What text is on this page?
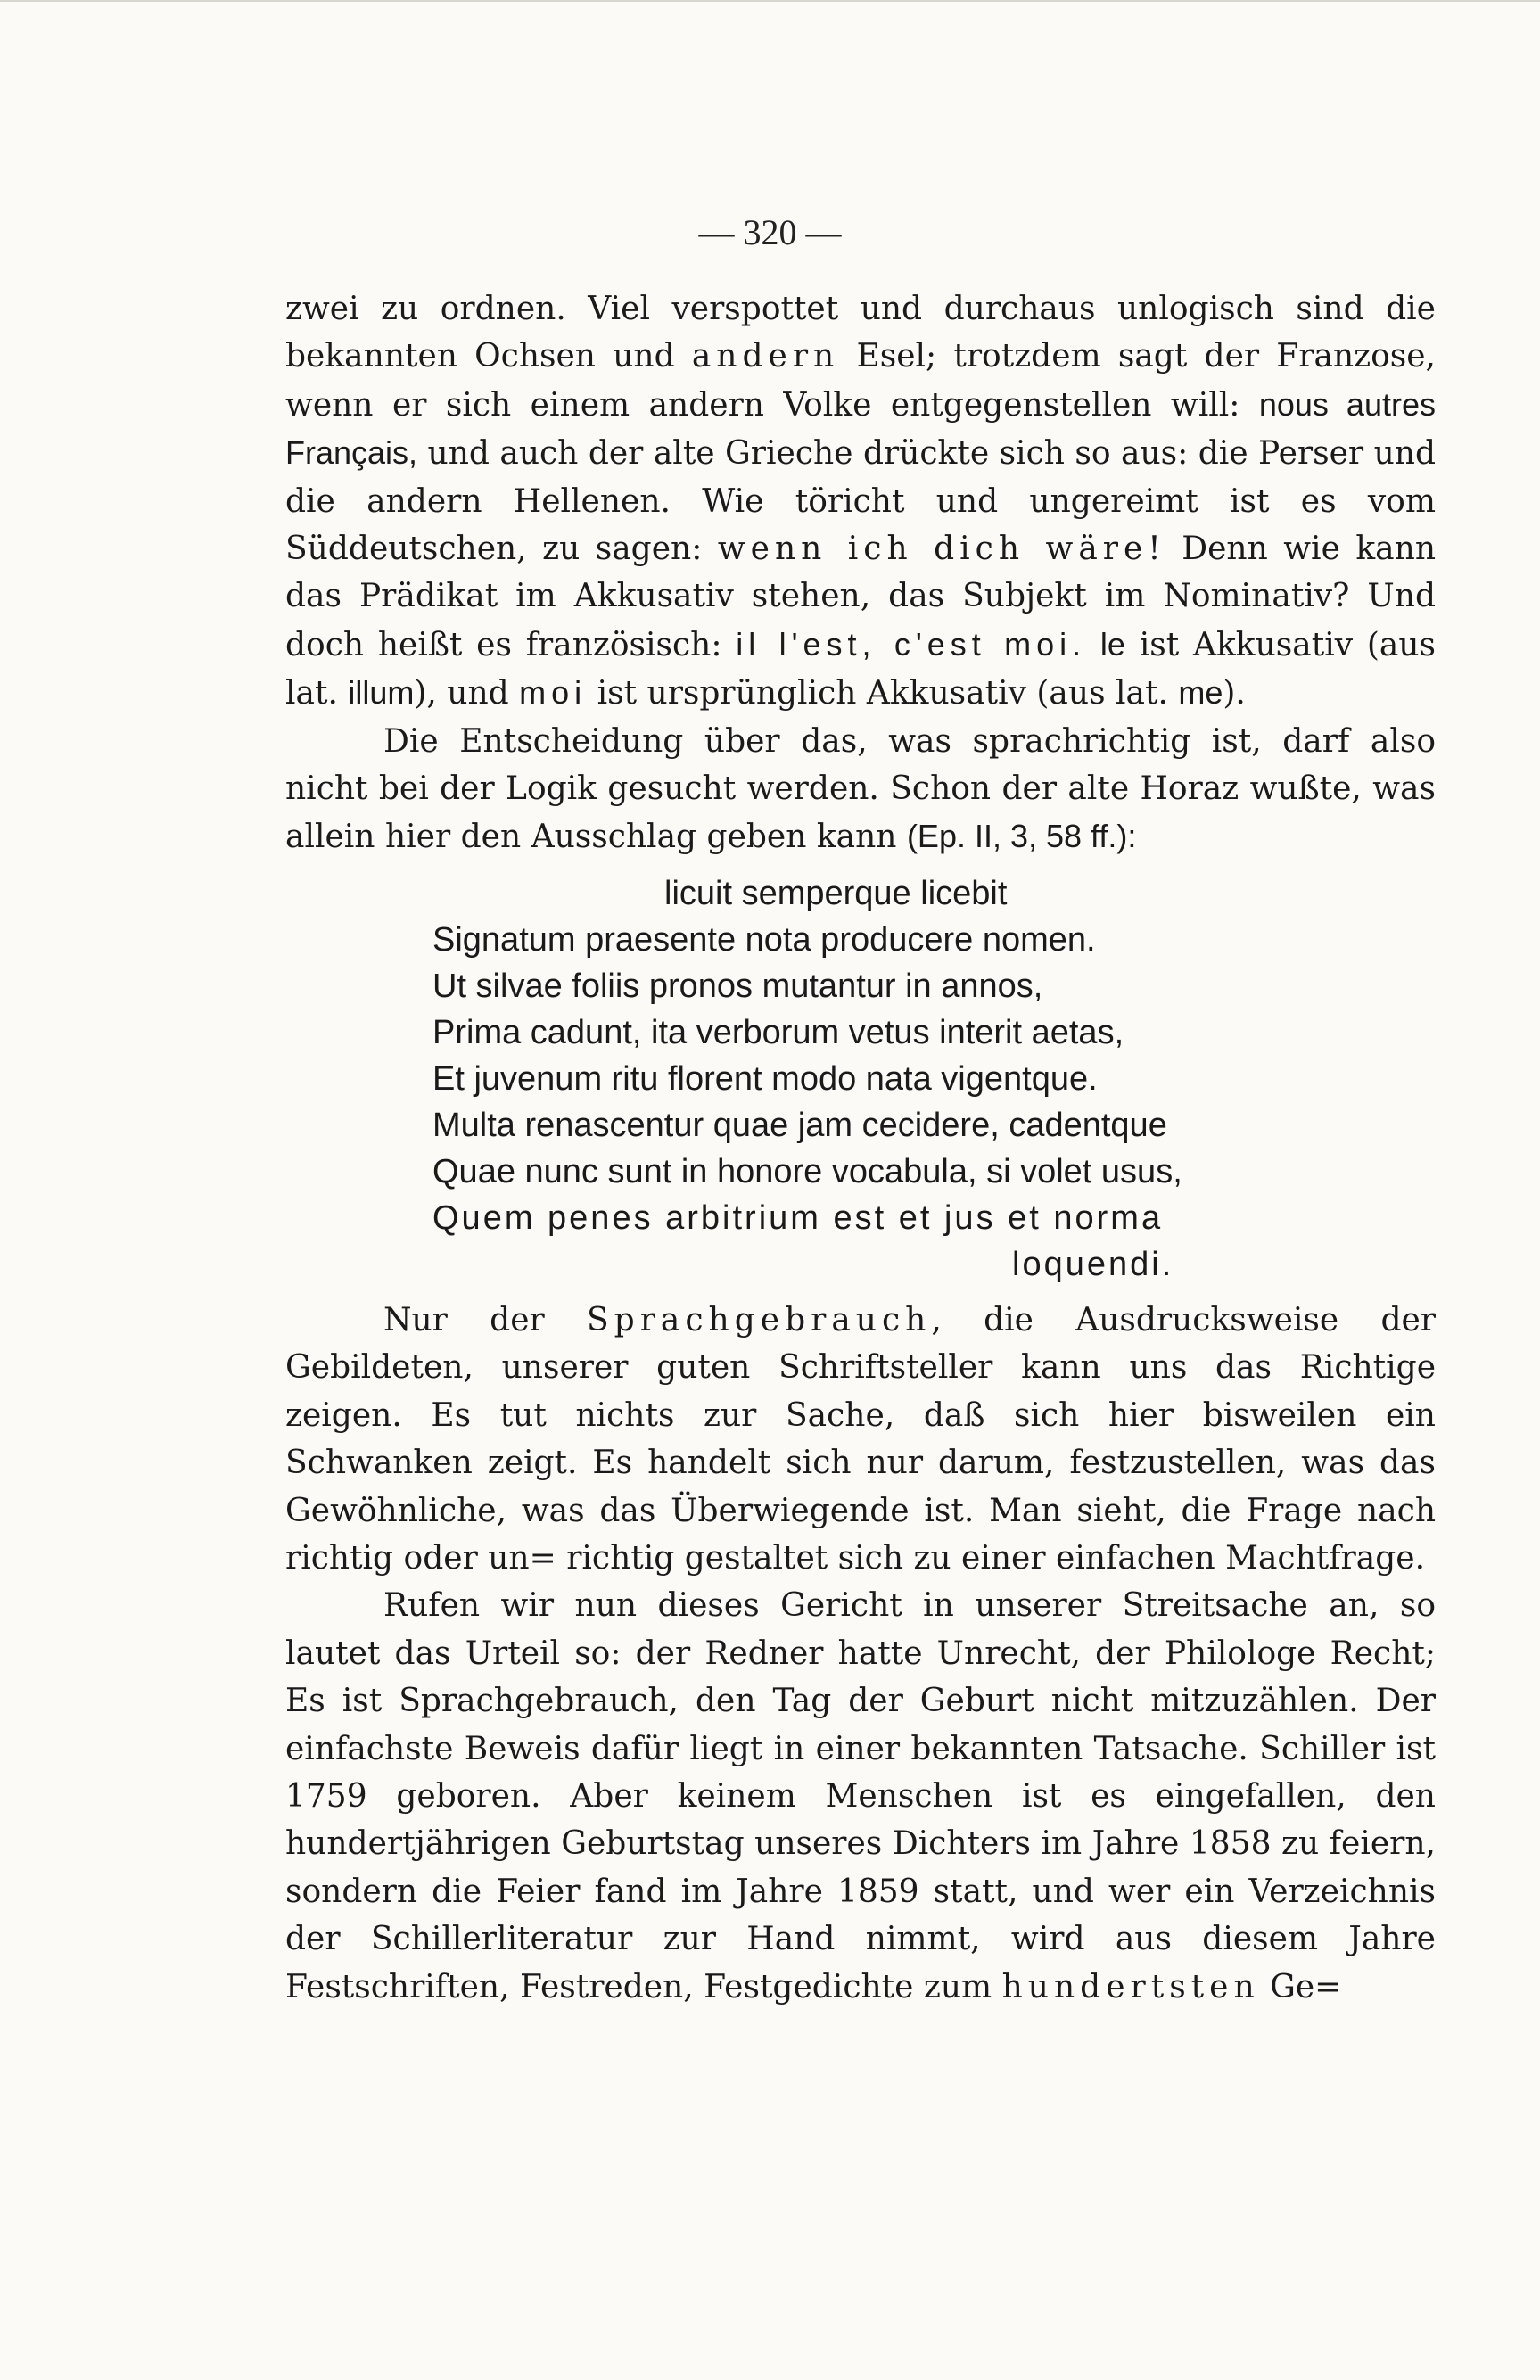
— 320 —

zwei zu ordnen. Viel verspottet und durchaus unlogisch sind die bekannten Ochsen und andern Esel; trotzdem sagt der Franzose, wenn er sich einem andern Volke entgegenstellen will: nous autres Français, und auch der alte Grieche drückte sich so aus: die Perser und die andern Hellenen. Wie töricht und ungereimt ist es vom Süddeutschen, zu sagen: wenn ich dich wäre! Denn wie kann das Prädikat im Akkusativ stehen, das Subjekt im Nominativ? Und doch heißt es französisch: il l'est, c'est moi. le ist Akkusativ (aus lat. illum), und moi ist ursprünglich Akkusativ (aus lat. me).

Die Entscheidung über das, was sprachrichtig ist, darf also nicht bei der Logik gesucht werden. Schon der alte Horaz wußte, was allein hier den Ausschlag geben kann (Ep. II, 3, 58 ff.):

licuit semperque licebit
Signatum praesente nota producere nomen.
Ut silvae foliis pronos mutantur in annos,
Prima cadunt, ita verborum vetus interit aetas,
Et juvenum ritu florent modo nata vigentque.
Multa renascentur quae jam cecidere, cadentque
Quae nunc sunt in honore vocabula, si volet usus,
Quem penes arbitrium est et jus et norma
loquendi.

Nur der Sprachgebrauch, die Ausdrucksweise der Gebildeten, unserer guten Schriftsteller kann uns das Richtige zeigen. Es tut nichts zur Sache, daß sich hier bisweilen ein Schwanken zeigt. Es handelt sich nur darum, festzustellen, was das Gewöhnliche, was das Überwiegende ist. Man sieht, die Frage nach richtig oder un= richtig gestaltet sich zu einer einfachen Machtfrage.

Rufen wir nun dieses Gericht in unserer Streitsache an, so lautet das Urteil so: der Redner hatte Unrecht, der Philologe Recht; Es ist Sprachgebrauch, den Tag der Geburt nicht mitzuzählen. Der einfachste Beweis dafür liegt in einer bekannten Tatsache. Schiller ist 1759 geboren. Aber keinem Menschen ist es eingefallen, den hundertjährigen Geburtstag unseres Dichters im Jahre 1858 zu feiern, sondern die Feier fand im Jahre 1859 statt, und wer ein Verzeichnis der Schillerliteratur zur Hand nimmt, wird aus diesem Jahre Festschriften, Festreden, Festgedichte zum hundertsten Ge=
